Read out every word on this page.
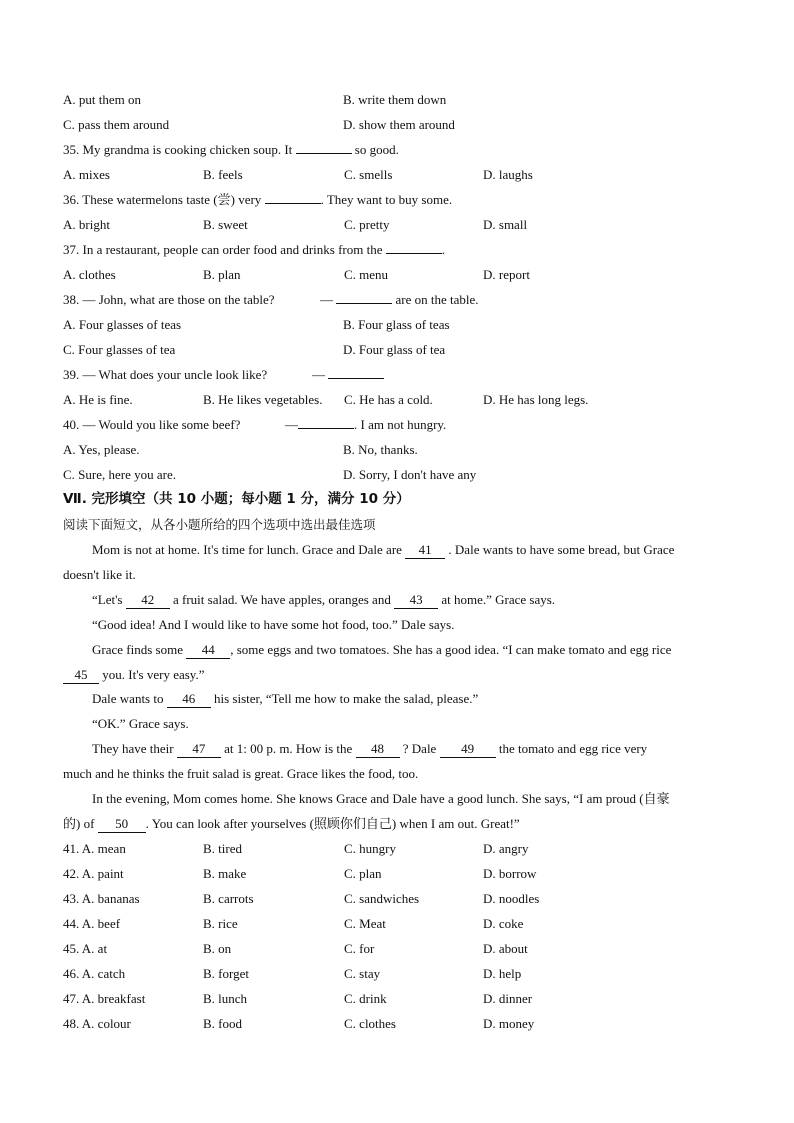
A. put them on	B. write them down
C. pass them around	D. show them around
35. My grandma is cooking chicken soup. It	so good.
A. mixes	B. feels	C. smells	D. laughs
36. These watermelons taste (尝) very	. They want to buy some.
A. bright	B. sweet	C. pretty	D. small
37. In a restaurant, people can order food and drinks from the	.
A. clothes	B. plan	C. menu	D. report
38. — John, what are those on the table?	—	are on the table.
A. Four glasses of teas	B. Four glass of teas
C. Four glasses of tea	D. Four glass of tea
39. — What does your uncle look like?	—
A. He is fine.	B. He likes vegetables. C. He has a cold.	D. He has long legs.
40. — Would you like some beef?	—	. I am not hungry.
A. Yes, please.	B. No, thanks.
C. Sure, here you are.	D. Sorry, I don't have any
Ⅶ. 完形填空（共 10 小题；每小题 1 分，满分 10 分）
阅读下面短文，从各小题所给的四个选项中选出最佳选项
Mom is not at home. It's time for lunch. Grace and Dale are 41 . Dale wants to have some bread, but Grace
doesn't like it.
“Let's 42 a fruit salad. We have apples, oranges and 43 at home.” Grace says.
“Good idea! And I would like to have some hot food, too.” Dale says.
Grace finds some 44 , some eggs and two tomatoes. She has a good idea. “I can make tomato and egg rice
45 you. It's very easy.”
Dale wants to 46 his sister, “Tell me how to make the salad, please.”
“OK.” Grace says.
They have their 47 at 1: 00 p. m. How is the 48 ? Dale 49 the tomato and egg rice very
much and he thinks the fruit salad is great. Grace likes the food, too.
In the evening, Mom comes home. She knows Grace and Dale have a good lunch. She says, “I am proud (自豪
的) of 50 . You can look after yourselves (照顾你们自己) when I am out. Great!”
41. A. mean	B. tired	C. hungry	D. angry
42. A. paint	B. make	C. plan	D. borrow
43. A. bananas	B. carrots	C. sandwiches	D. noodles
44. A. beef	B. rice	C. Meat	D. coke
45. A. at	B. on	C. for	D. about
46. A. catch	B. forget	C. stay	D. help
47. A. breakfast	B. lunch	C. drink	D. dinner
48. A. colour	B. food	C. clothes	D. money
